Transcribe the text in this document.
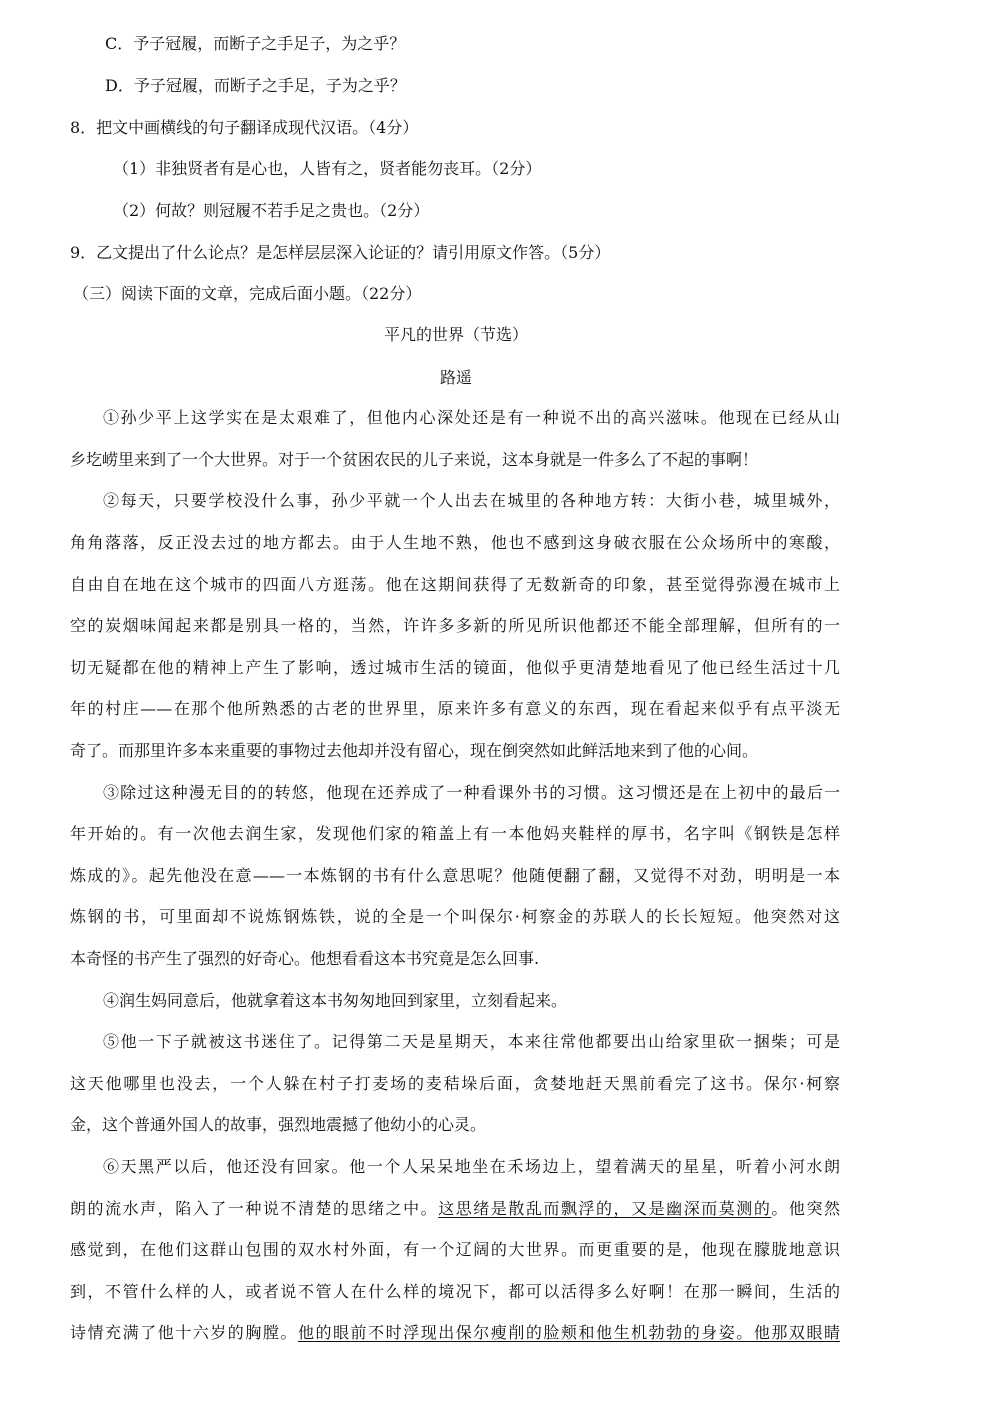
C．予子冠履，而断子之手足子，为之乎？
D．予子冠履，而断子之手足，子为之乎？
8．把文中画横线的句子翻译成现代汉语。（4分）
（1）非独贤者有是心也，人皆有之，贤者能勿丧耳。（2分）
（2）何故？则冠履不若手足之贵也。（2分）
9．乙文提出了什么论点？是怎样层层深入论证的？请引用原文作答。（5分）
（三）阅读下面的文章，完成后面小题。（22分）
平凡的世界（节选）
路遥
①孙少平上这学实在是太艰难了，但他内心深处还是有一种说不出的高兴滋味。他现在已经从山
乡圪崂里来到了一个大世界。对于一个贫困农民的儿子来说，这本身就是一件多么了不起的事啊！
②每天，只要学校没什么事，孙少平就一个人出去在城里的各种地方转：大街小巷，城里城外，
角角落落，反正没去过的地方都去。由于人生地不熟，他也不感到这身破衣服在公众场所中的寒酸，
自由自在地在这个城市的四面八方逛荡。他在这期间获得了无数新奇的印象，甚至觉得弥漫在城市上
空的炭烟味闻起来都是别具一格的，当然，许许多多新的所见所识他都还不能全部理解，但所有的一
切无疑都在他的精神上产生了影响，透过城市生活的镜面，他似乎更清楚地看见了他已经生活过十几
年的村庄——在那个他所熟悉的古老的世界里，原来许多有意义的东西，现在看起来似乎有点平淡无
奇了。而那里许多本来重要的事物过去他却并没有留心，现在倒突然如此鲜活地来到了他的心间。
③除过这种漫无目的的转悠，他现在还养成了一种看课外书的习惯。这习惯还是在上初中的最后一
年开始的。有一次他去润生家，发现他们家的箱盖上有一本他妈夹鞋样的厚书，名字叫《钢铁是怎样
炼成的》。起先他没在意——一本炼钢的书有什么意思呢？他随便翻了翻，又觉得不对劲，明明是一本
炼钢的书，可里面却不说炼钢炼铁，说的全是一个叫保尔·柯察金的苏联人的长长短短。他突然对这
本奇怪的书产生了强烈的好奇心。他想看看这本书究竟是怎么回事.
④润生妈同意后，他就拿着这本书匆匆地回到家里，立刻看起来。
⑤他一下子就被这书迷住了。记得第二天是星期天，本来往常他都要出山给家里砍一捆柴；可是
这天他哪里也没去，一个人躲在村子打麦场的麦秸垛后面，贪婪地赶天黑前看完了这书。保尔·柯察
金，这个普通外国人的故事，强烈地震撼了他幼小的心灵。
⑥天黑严以后，他还没有回家。他一个人呆呆地坐在禾场边上，望着满天的星星，听着小河水朗
朗的流水声，陷入了一种说不清楚的思绪之中。这思绪是散乱而飘浮的，又是幽深而莫测的。他突然
感觉到，在他们这群山包围的双水村外面，有一个辽阔的大世界。而更重要的是，他现在朦胧地意识
到，不管什么样的人，或者说不管人在什么样的境况下，都可以活得多么好啊！在那一瞬间，生活的
诗情充满了他十六岁的胸膛。他的眼前不时浮现出保尔瘦削的脸颊和他生机勃勃的身姿。他那双眼睛
